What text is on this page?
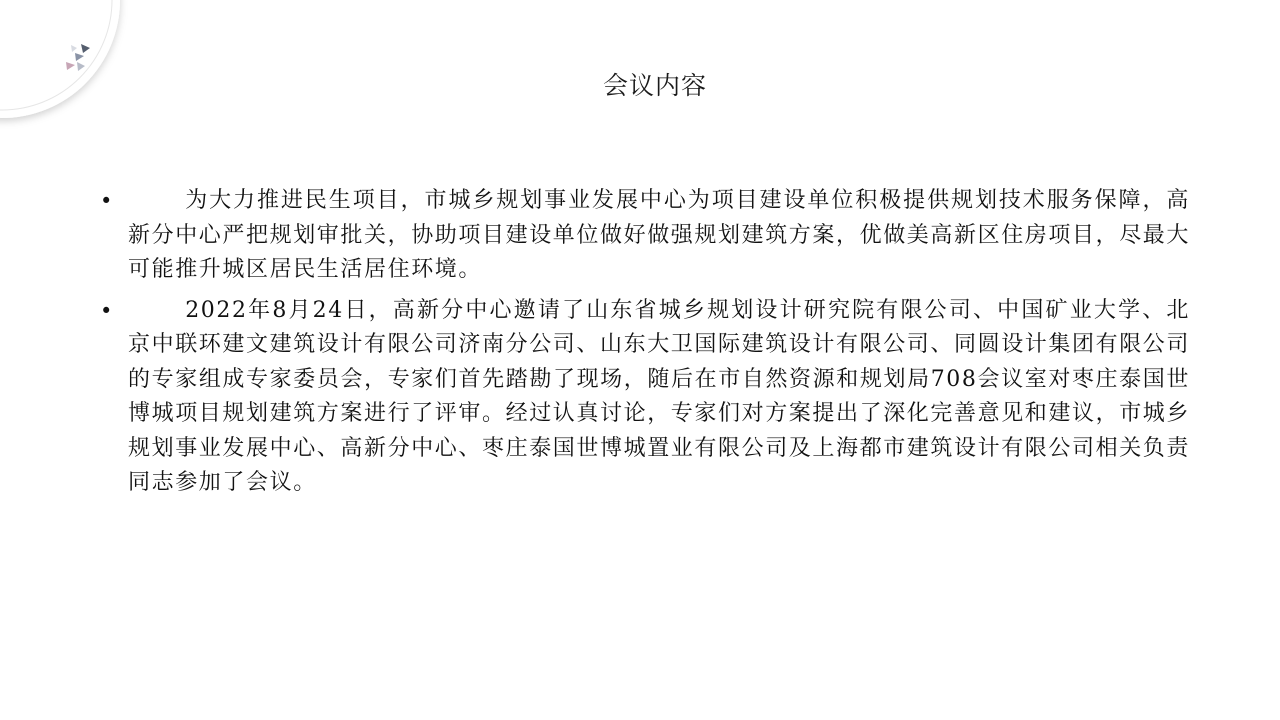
会议内容
•	为大力推进民生项目，市城乡规划事业发展中心为项目建设单位积极提供规划技术服务保障，高新分中心严把规划审批关，协助项目建设单位做好做强规划建筑方案，优做美高新区住房项目，尽最大可能推升城区居民生活居住环境。

•	2022年8月24日，高新分中心邀请了山东省城乡规划设计研究院有限公司、中国矿业大学、北京中联环建文建筑设计有限公司济南分公司、山东大卫国际建筑设计有限公司、同圆设计集团有限公司的专家组成专家委员会，专家们首先踏勘了现场，随后在市自然资源和规划局708会议室对枣庄泰国世博城项目规划建筑方案进行了评审。经过认真讨论，专家们对方案提出了深化完善意见和建议，市城乡规划事业发展中心、高新分中心、枣庄泰国世博城置业有限公司及上海都市建筑设计有限公司相关负责同志参加了会议。
